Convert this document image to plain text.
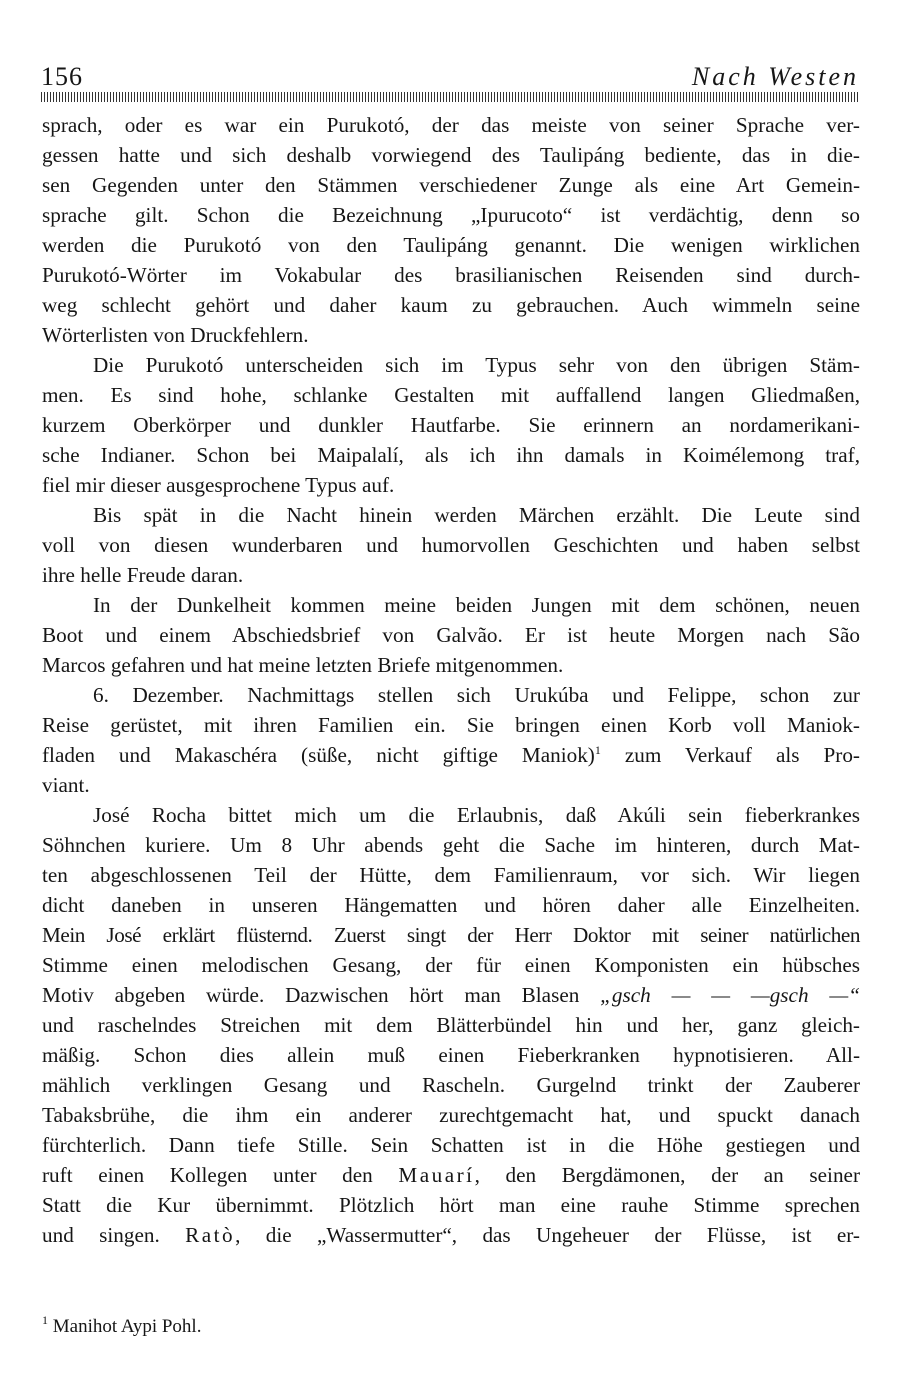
156	Nach Westen
sprach, oder es war ein Purukotó, der das meiste von seiner Sprache ver-
gessen hatte und sich deshalb vorwiegend des Taulipáng bediente, das in die-
sen Gegenden unter den Stämmen verschiedener Zunge als eine Art Gemein-
sprache gilt. Schon die Bezeichnung „Ipurucoto“ ist verdächtig, denn so
werden die Purukotó von den Taulipáng genannt. Die wenigen wirklichen
Purukotó-Wörter im Vokabular des brasilianischen Reisenden sind durch-
weg schlecht gehört und daher kaum zu gebrauchen. Auch wimmeln seine
Wörterlisten von Druckfehlern.
Die Purukotó unterscheiden sich im Typus sehr von den übrigen Stäm-
men. Es sind hohe, schlanke Gestalten mit auffallend langen Gliedmaßen,
kurzem Oberkörper und dunkler Hautfarbe. Sie erinnern an nordamerikani-
sche Indianer. Schon bei Maipalalí, als ich ihn damals in Koimélemong traf,
fiel mir dieser ausgesprochene Typus auf.
Bis spät in die Nacht hinein werden Märchen erzählt. Die Leute sind
voll von diesen wunderbaren und humorvollen Geschichten und haben selbst
ihre helle Freude daran.
In der Dunkelheit kommen meine beiden Jungen mit dem schönen, neuen
Boot und einem Abschiedsbrief von Galvão. Er ist heute Morgen nach São
Marcos gefahren und hat meine letzten Briefe mitgenommen.
6. Dezember. Nachmittags stellen sich Urukúba und Felippe, schon zur
Reise gerüstet, mit ihren Familien ein. Sie bringen einen Korb voll Maniok-
fladen und Makaschéra (süße, nicht giftige Maniok)$^1$ zum Verkauf als Pro-
viant.
José Rocha bittet mich um die Erlaubnis, daß Akúli sein fieberkrankes
Söhnchen kuriere. Um 8 Uhr abends geht die Sache im hinteren, durch Mat-
ten abgeschlossenen Teil der Hütte, dem Familienraum, vor sich. Wir liegen
dicht daneben in unseren Hängematten und hören daher alle Einzelheiten.
Mein José erklärt flüsternd. Zuerst singt der Herr Doktor mit seiner natürlichen
Stimme einen melodischen Gesang, der für einen Komponisten ein hübsches
Motiv abgeben würde. Dazwischen hört man Blasen „gsch — — —gsch —“
und raschelndes Streichen mit dem Blätterbündel hin und her, ganz gleich-
mäßig. Schon dies allein muß einen Fieberkranken hypnotisieren. All-
mählich verklingen Gesang und Rascheln. Gurgelnd trinkt der Zauberer
Tabaksbrühe, die ihm ein anderer zurechtgemacht hat, und spuckt danach
fürchterlich. Dann tiefe Stille. Sein Schatten ist in die Höhe gestiegen und
ruft einen Kollegen unter den Mauarí, den Bergdämonen, der an seiner
Statt die Kur übernimmt. Plötzlich hört man eine rauhe Stimme sprechen
und singen. Ratò, die „Wassermutter“, das Ungeheuer der Flüsse, ist er-
$^1$ Manihot Aypi Pohl.
